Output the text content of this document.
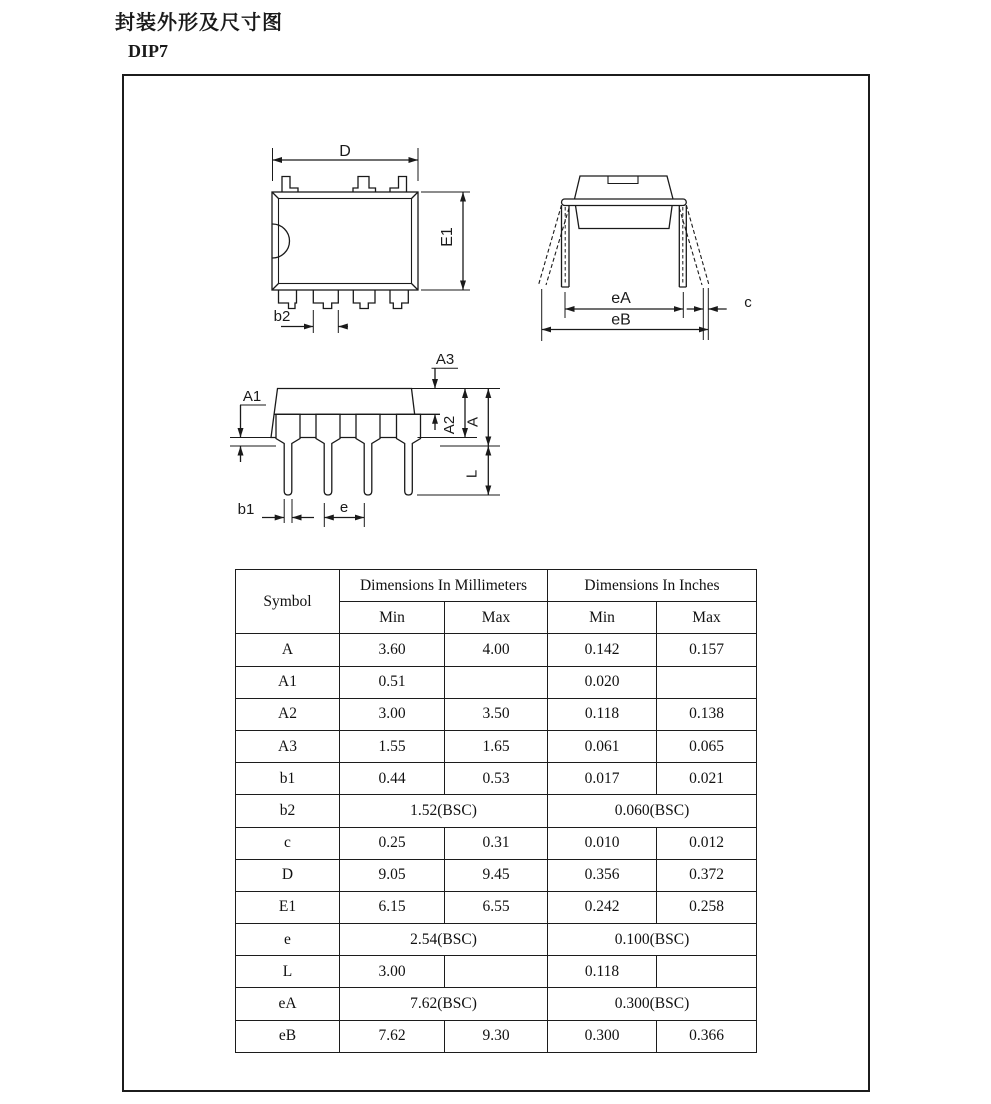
封装外形及尺寸图
DIP7
D
E1
b2
eA
eB
c
A1
A3
A2 A
L
b1	e
Symbol	Dimensions In Millimeters		Dimensions In Inches	
	Min	Max	Min	Max
A	3.60	4.00	0.142	0.157
A1	0.51		0.020	
A2	3.00	3.50	0.118	0.138
A3	1.55	1.65	0.061	0.065
b1	0.44	0.53	0.017	0.021
b2	1.52(BSC)		0.060(BSC)	
c	0.25	0.31	0.010	0.012
D	9.05	9.45	0.356	0.372
E1	6.15	6.55	0.242	0.258
e	2.54(BSC)		0.100(BSC)	
L	3.00		0.118	
eA	7.62(BSC)		0.300(BSC)	
eB	7.62	9.30	0.300	0.366
